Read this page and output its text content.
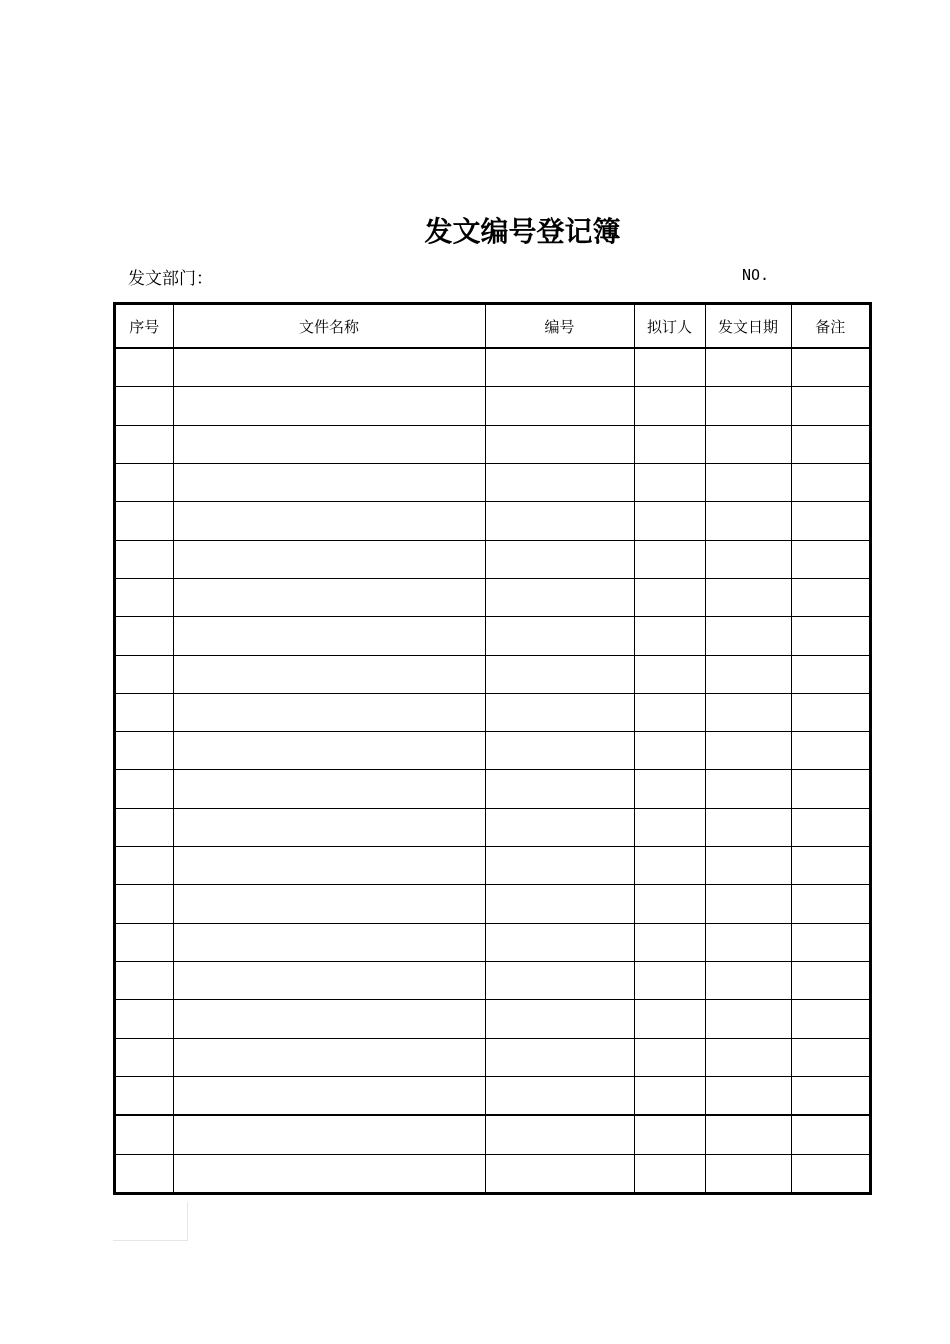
发文编号登记簿
发文部门：	NO.
序号	文件名称	编号	拟订人	发文日期	备注
